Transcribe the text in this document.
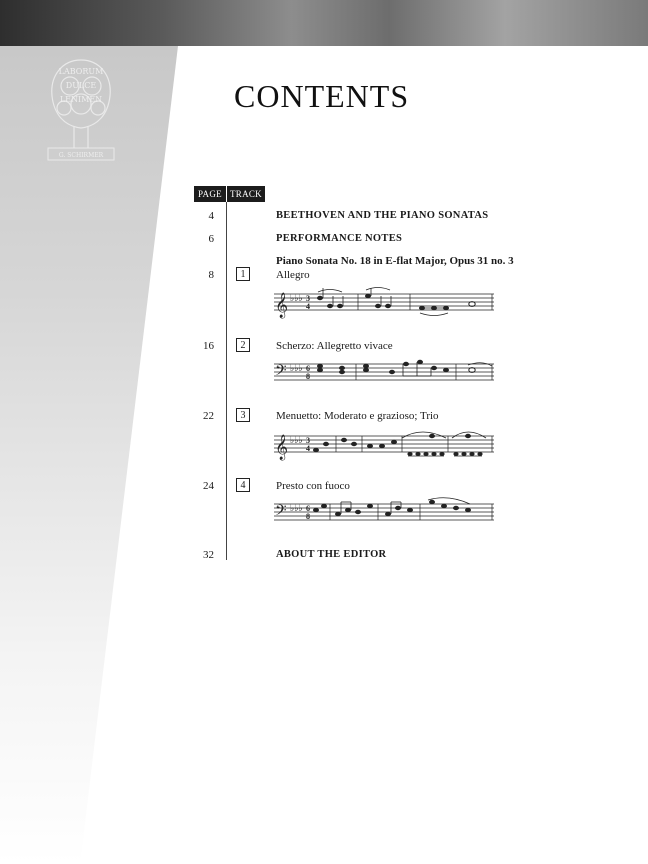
LABORUM
DULCE
LENIMEN
G. SCHIRMER
CONTENTS
PAGE TRACK
4	BEETHOVEN AND THE PIANO SONATAS
6	PERFORMANCE NOTES
Piano Sonata No. 18 in E-flat Major, Opus 31 no. 3
8	1	Allegro
𝄞 ♭♭♭ 3
4
16	2	Scherzo: Allegretto vivace
𝄢 ♭♭♭ 6
8
22	3	Menuetto: Moderato e grazioso; Trio
𝄞 ♭♭♭ 3
4
24	4	Presto con fuoco
𝄢 ♭♭♭ 6
8
32	ABOUT THE EDITOR
